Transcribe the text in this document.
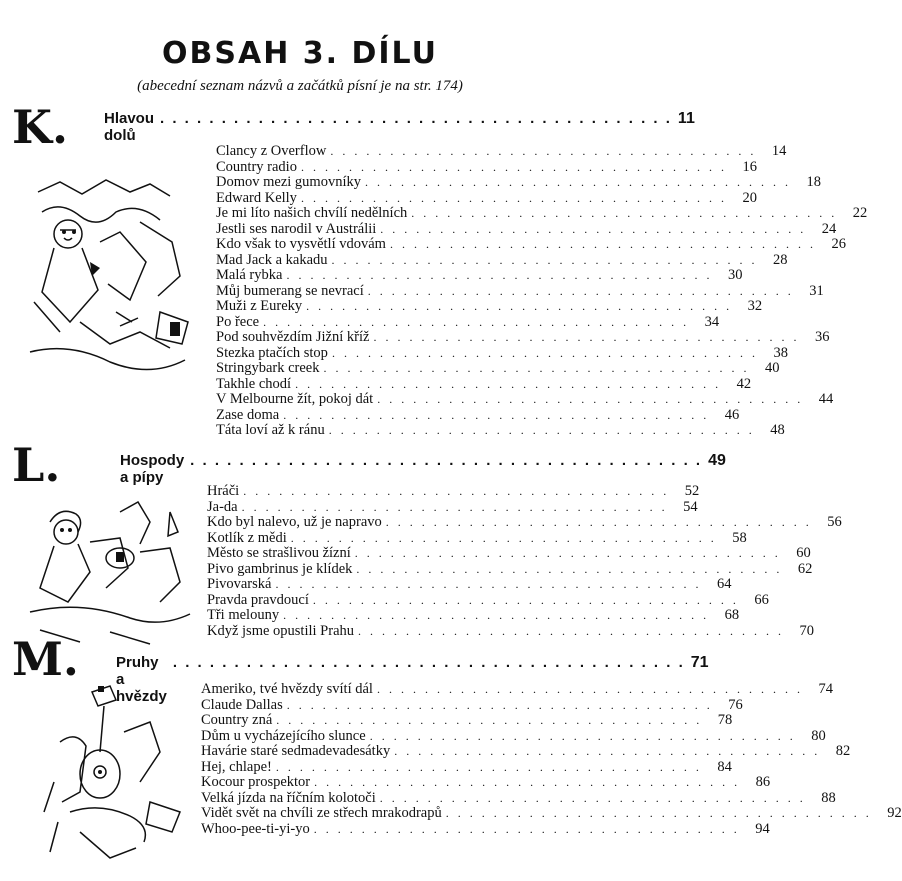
OBSAH 3. DÍLU
(abecední seznam názvů a začátků písní je na str. 174)
K. Hlavou dolů
. . . . . . . . . . . . . . . . . . . . . . . . . . . . . . . . . . . . . . . . . . 11
Clancy z Overflow . . . . . . . . . . . . . . . . . . . . . . . . . . . . . . . . . . . .	14
Country radio . . . . . . . . . . . . . . . . . . . . . . . . . . . . . . . . . . . .	16
Domov mezi gumovníky . . . . . . . . . . . . . . . . . . . . . . . . . . . . . . . . . . . .	18
Edward Kelly . . . . . . . . . . . . . . . . . . . . . . . . . . . . . . . . . . . .	20
Je mi líto našich chvílí nedělních . . . . . . . . . . . . . . . . . . . . . . . . . . . . . . . . . . . .	22
Jestli ses narodil v Austrálii . . . . . . . . . . . . . . . . . . . . . . . . . . . . . . . . . . . .	24
Kdo však to vysvětlí vdovám . . . . . . . . . . . . . . . . . . . . . . . . . . . . . . . . . . . .	26
Mad Jack a kakadu . . . . . . . . . . . . . . . . . . . . . . . . . . . . . . . . . . . .	28
Malá rybka . . . . . . . . . . . . . . . . . . . . . . . . . . . . . . . . . . . .	30
Můj bumerang se nevrací . . . . . . . . . . . . . . . . . . . . . . . . . . . . . . . . . . . .	31
Muži z Eureky . . . . . . . . . . . . . . . . . . . . . . . . . . . . . . . . . . . .	32
Po řece . . . . . . . . . . . . . . . . . . . . . . . . . . . . . . . . . . . .	34
Pod souhvězdím Jižní kříž . . . . . . . . . . . . . . . . . . . . . . . . . . . . . . . . . . . .	36
Stezka ptačích stop . . . . . . . . . . . . . . . . . . . . . . . . . . . . . . . . . . . .	38
Stringybark creek . . . . . . . . . . . . . . . . . . . . . . . . . . . . . . . . . . . .	40
Takhle chodí . . . . . . . . . . . . . . . . . . . . . . . . . . . . . . . . . . . .	42
V Melbourne žít, pokoj dát . . . . . . . . . . . . . . . . . . . . . . . . . . . . . . . . . . . .	44
Zase doma . . . . . . . . . . . . . . . . . . . . . . . . . . . . . . . . . . . .	46
Táta loví až k ránu . . . . . . . . . . . . . . . . . . . . . . . . . . . . . . . . . . . .	48
L.	Hospody a pípy
. . . . . . . . . . . . . . . . . . . . . . . . . . . . . . . . . . . . . . . . . . 49
Hráči . . . . . . . . . . . . . . . . . . . . . . . . . . . . . . . . . . . .	52
Ja-da . . . . . . . . . . . . . . . . . . . . . . . . . . . . . . . . . . . .	54
Kdo byl nalevo, už je napravo . . . . . . . . . . . . . . . . . . . . . . . . . . . . . . . . . . . .	56
Kotlík z mědi . . . . . . . . . . . . . . . . . . . . . . . . . . . . . . . . . . . .	58
Město se strašlivou žízní . . . . . . . . . . . . . . . . . . . . . . . . . . . . . . . . . . . .	60
Pivo gambrinus je klídek . . . . . . . . . . . . . . . . . . . . . . . . . . . . . . . . . . . .	62
Pivovarská . . . . . . . . . . . . . . . . . . . . . . . . . . . . . . . . . . . .	64
Pravda pravdoucí . . . . . . . . . . . . . . . . . . . . . . . . . . . . . . . . . . . .	66
Tři melouny . . . . . . . . . . . . . . . . . . . . . . . . . . . . . . . . . . . .	68
Když jsme opustili Prahu . . . . . . . . . . . . . . . . . . . . . . . . . . . . . . . . . . . .	70
M. Pruhy a hvězdy
. . . . . . . . . . . . . . . . . . . . . . . . . . . . . . . . . . . . . . . . . . 71
Ameriko, tvé hvězdy svítí dál . . . . . . . . . . . . . . . . . . . . . . . . . . . . . . . . . . . .	74
Claude Dallas . . . . . . . . . . . . . . . . . . . . . . . . . . . . . . . . . . . .	76
Country zná . . . . . . . . . . . . . . . . . . . . . . . . . . . . . . . . . . . .	78
Dům u vycházejícího slunce . . . . . . . . . . . . . . . . . . . . . . . . . . . . . . . . . . . .	80
Havárie staré sedmadevadesátky . . . . . . . . . . . . . . . . . . . . . . . . . . . . . . . . . . . .	82
Hej, chlape! . . . . . . . . . . . . . . . . . . . . . . . . . . . . . . . . . . . .	84
Kocour prospektor . . . . . . . . . . . . . . . . . . . . . . . . . . . . . . . . . . . .	86
Velká jízda na říčním kolotoči . . . . . . . . . . . . . . . . . . . . . . . . . . . . . . . . . . . .	88
Vidět svět na chvíli ze střech mrakodrapů . . . . . . . . . . . . . . . . . . . . . . . . . . . . . . . . . . . .	92
Whoo-pee-ti-yi-yo . . . . . . . . . . . . . . . . . . . . . . . . . . . . . . . . . . . .	94
